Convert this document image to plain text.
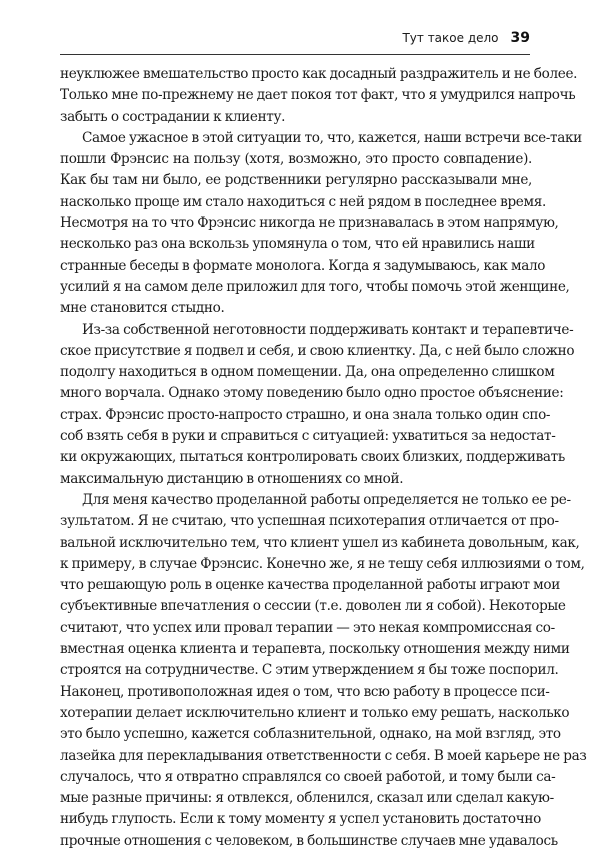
Тут такое дело 39
неуклюжее вмешательство просто как досадный раздражитель и не более.
Только мне по-прежнему не дает покоя тот факт, что я умудрился напрочь
забыть о сострадании к клиенту.
Самое ужасное в этой ситуации то, что, кажется, наши встречи все-таки
пошли Фрэнсис на пользу (хотя, возможно, это просто совпадение).
Как бы там ни было, ее родственники регулярно рассказывали мне,
насколько проще им стало находиться с ней рядом в последнее время.
Несмотря на то что Фрэнсис никогда не признавалась в этом напрямую,
несколько раз она вскользь упомянула о том, что ей нравились наши
странные беседы в формате монолога. Когда я задумываюсь, как мало
усилий я на самом деле приложил для того, чтобы помочь этой женщине,
мне становится стыдно.
Из-за собственной неготовности поддерживать контакт и терапевтиче-
ское присутствие я подвел и себя, и свою клиентку. Да, с ней было сложно
подолгу находиться в одном помещении. Да, она определенно слишком
много ворчала. Однако этому поведению было одно простое объяснение:
страх. Фрэнсис просто-напросто страшно, и она знала только один спо-
соб взять себя в руки и справиться с ситуацией: ухватиться за недостат-
ки окружающих, пытаться контролировать своих близких, поддерживать
максимальную дистанцию в отношениях со мной.
Для меня качество проделанной работы определяется не только ее ре-
зультатом. Я не считаю, что успешная психотерапия отличается от про-
вальной исключительно тем, что клиент ушел из кабинета довольным, как,
к примеру, в случае Фрэнсис. Конечно же, я не тешу себя иллюзиями о том,
что решающую роль в оценке качества проделанной работы играют мои
субъективные впечатления о сессии (т.е. доволен ли я собой). Некоторые
считают, что успех или провал терапии — это некая компромиссная со-
вместная оценка клиента и терапевта, поскольку отношения между ними
строятся на сотрудничестве. С этим утверждением я бы тоже поспорил.
Наконец, противоположная идея о том, что всю работу в процессе пси-
хотерапии делает исключительно клиент и только ему решать, насколько
это было успешно, кажется соблазнительной, однако, на мой взгляд, это
лазейка для перекладывания ответственности с себя. В моей карьере не раз
случалось, что я отвратно справлялся со своей работой, и тому были са-
мые разные причины: я отвлекся, обленился, сказал или сделал какую-
нибудь глупость. Если к тому моменту я успел установить достаточно
прочные отношения с человеком, в большинстве случаев мне удавалось
